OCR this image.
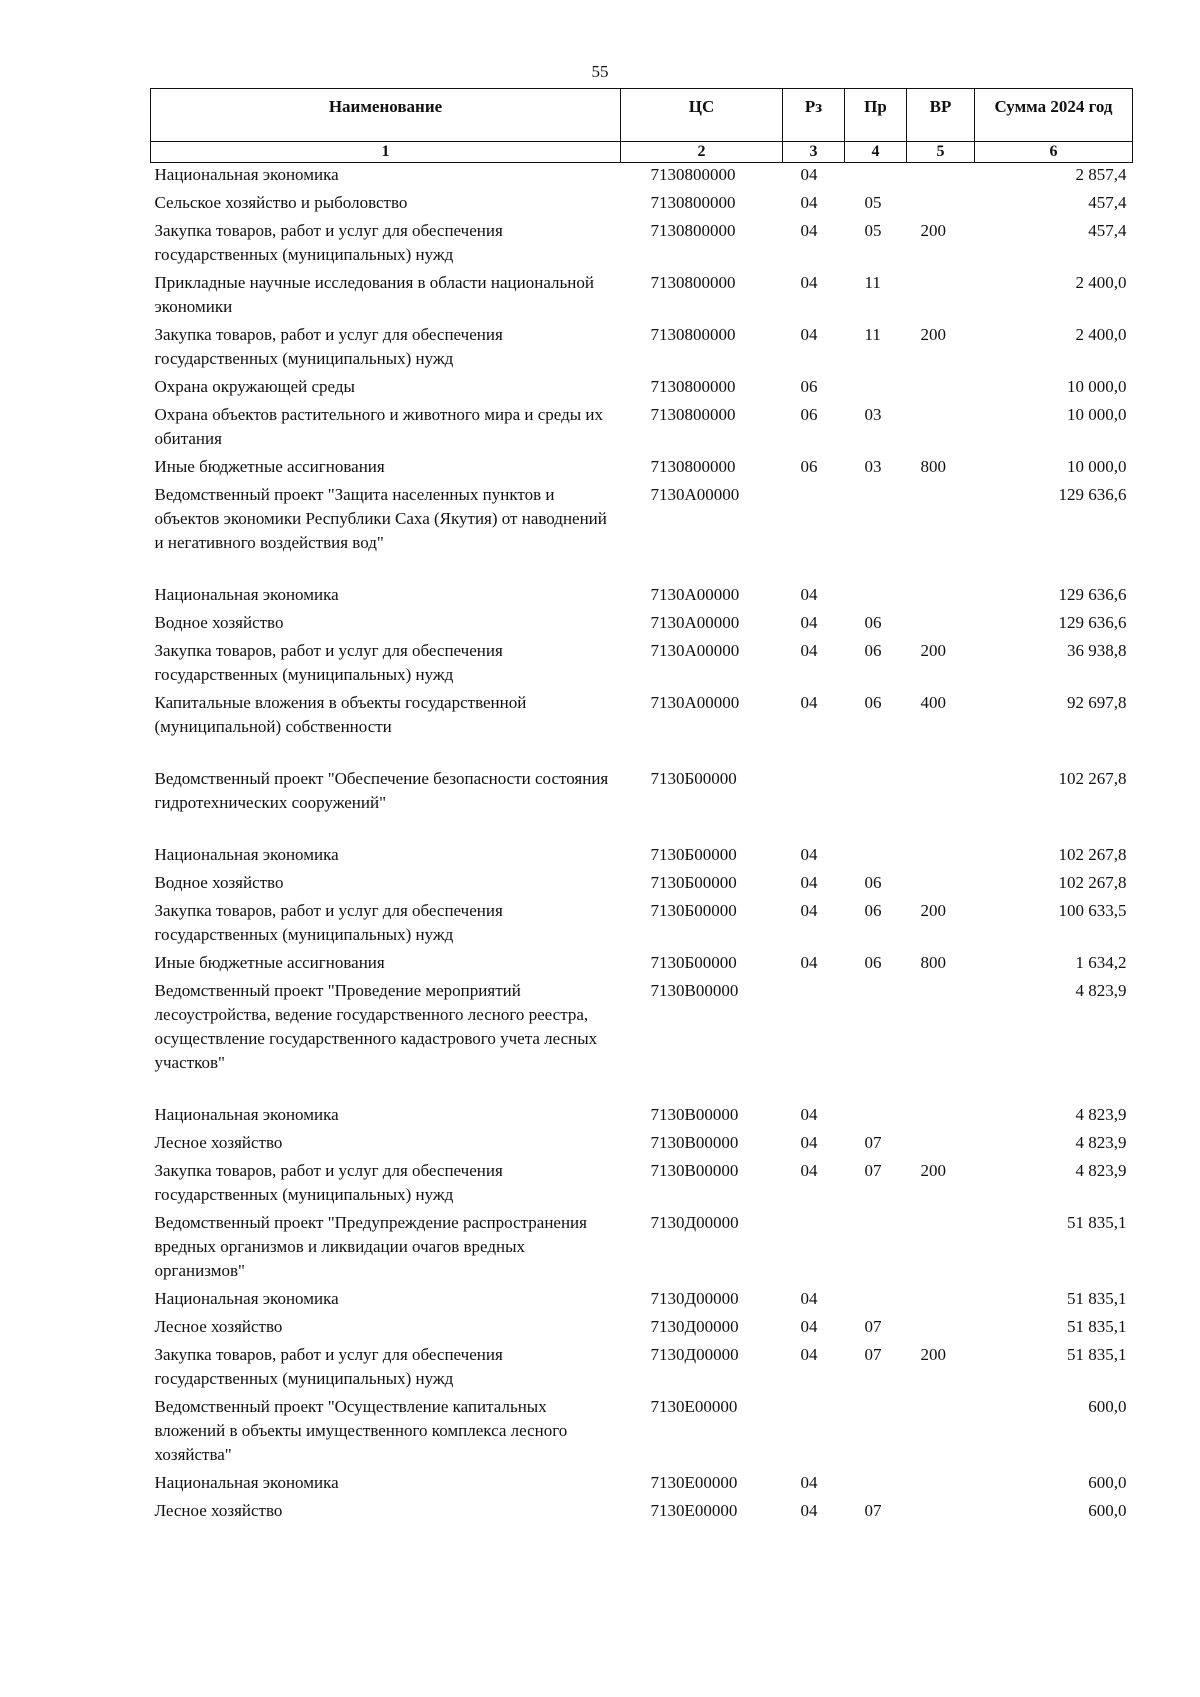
55
Наименование	ЦС	Рз	Пр	ВР	Сумма 2024 год
1	2	3	4	5	6
Национальная экономика	7130800000	04			2 857,4
Сельское хозяйство и рыболовство	7130800000	04	05		457,4
Закупка товаров, работ и услуг для обеспечения государственных (муниципальных) нужд	7130800000	04	05	200	457,4
Прикладные научные исследования в области национальной экономики	7130800000	04	11		2 400,0
Закупка товаров, работ и услуг для обеспечения государственных (муниципальных) нужд	7130800000	04	11	200	2 400,0
Охрана окружающей среды	7130800000	06			10 000,0
Охрана объектов растительного и животного мира и среды их обитания	7130800000	06	03		10 000,0
Иные бюджетные ассигнования	7130800000	06	03	800	10 000,0
Ведомственный проект "Защита населенных пунктов и объектов экономики Республики Саха (Якутия) от наводнений и негативного воздействия вод"	7130А00000				129 636,6
Национальная экономика	7130А00000	04			129 636,6
Водное хозяйство	7130А00000	04	06		129 636,6
Закупка товаров, работ и услуг для обеспечения государственных (муниципальных) нужд	7130А00000	04	06	200	36 938,8
Капитальные вложения в объекты государственной (муниципальной) собственности	7130А00000	04	06	400	92 697,8
Ведомственный проект "Обеспечение безопасности состояния гидротехнических сооружений"	7130Б00000				102 267,8
Национальная экономика	7130Б00000	04			102 267,8
Водное хозяйство	7130Б00000	04	06		102 267,8
Закупка товаров, работ и услуг для обеспечения государственных (муниципальных) нужд	7130Б00000	04	06	200	100 633,5
Иные бюджетные ассигнования	7130Б00000	04	06	800	1 634,2
Ведомственный проект "Проведение мероприятий лесоустройства, ведение государственного лесного реестра, осуществление государственного кадастрового учета лесных участков"	7130В00000				4 823,9
Национальная экономика	7130В00000	04			4 823,9
Лесное хозяйство	7130В00000	04	07		4 823,9
Закупка товаров, работ и услуг для обеспечения государственных (муниципальных) нужд	7130В00000	04	07	200	4 823,9
Ведомственный проект "Предупреждение распространения вредных организмов и ликвидации очагов вредных организмов"	7130Д00000				51 835,1
Национальная экономика	7130Д00000	04			51 835,1
Лесное хозяйство	7130Д00000	04	07		51 835,1
Закупка товаров, работ и услуг для обеспечения государственных (муниципальных) нужд	7130Д00000	04	07	200	51 835,1
Ведомственный проект "Осуществление капитальных вложений в объекты имущественного комплекса лесного хозяйства"	7130Е00000				600,0
Национальная экономика	7130Е00000	04			600,0
Лесное хозяйство	7130Е00000	04	07		600,0
